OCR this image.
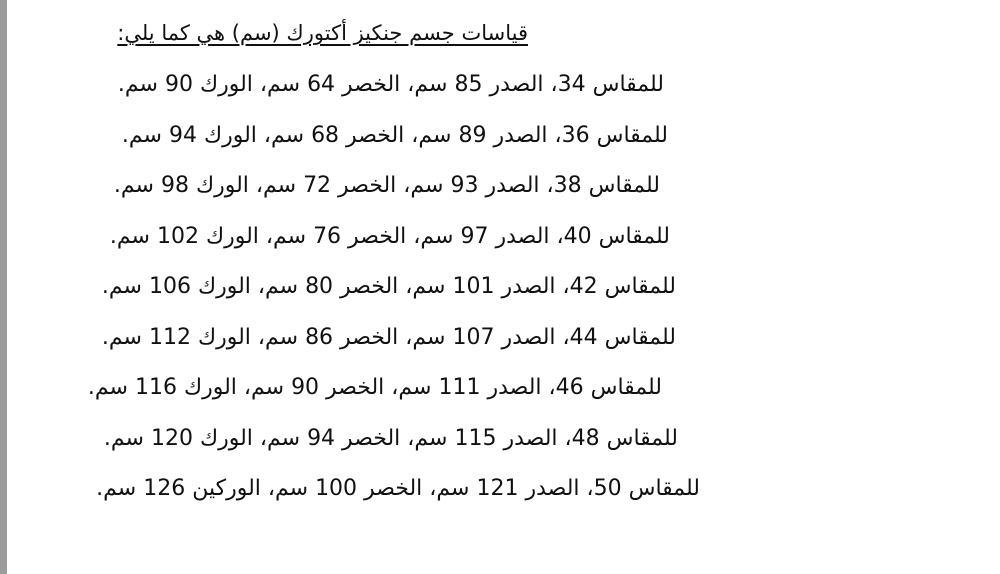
قياسات جسم جنكيز أكتورك (سم) هي كما يلي:
للمقاس 34، الصدر 85 سم، الخصر 64 سم، الورك 90 سم.
للمقاس 36، الصدر 89 سم، الخصر 68 سم، الورك 94 سم.
للمقاس 38، الصدر 93 سم، الخصر 72 سم، الورك 98 سم.
للمقاس 40، الصدر 97 سم، الخصر 76 سم، الورك 102 سم.
للمقاس 42، الصدر 101 سم، الخصر 80 سم، الورك 106 سم.
للمقاس 44، الصدر 107 سم، الخصر 86 سم، الورك 112 سم.
للمقاس 46، الصدر 111 سم، الخصر 90 سم، الورك 116 سم.
للمقاس 48، الصدر 115 سم، الخصر 94 سم، الورك 120 سم.
للمقاس 50، الصدر 121 سم، الخصر 100 سم، الوركين 126 سم.
